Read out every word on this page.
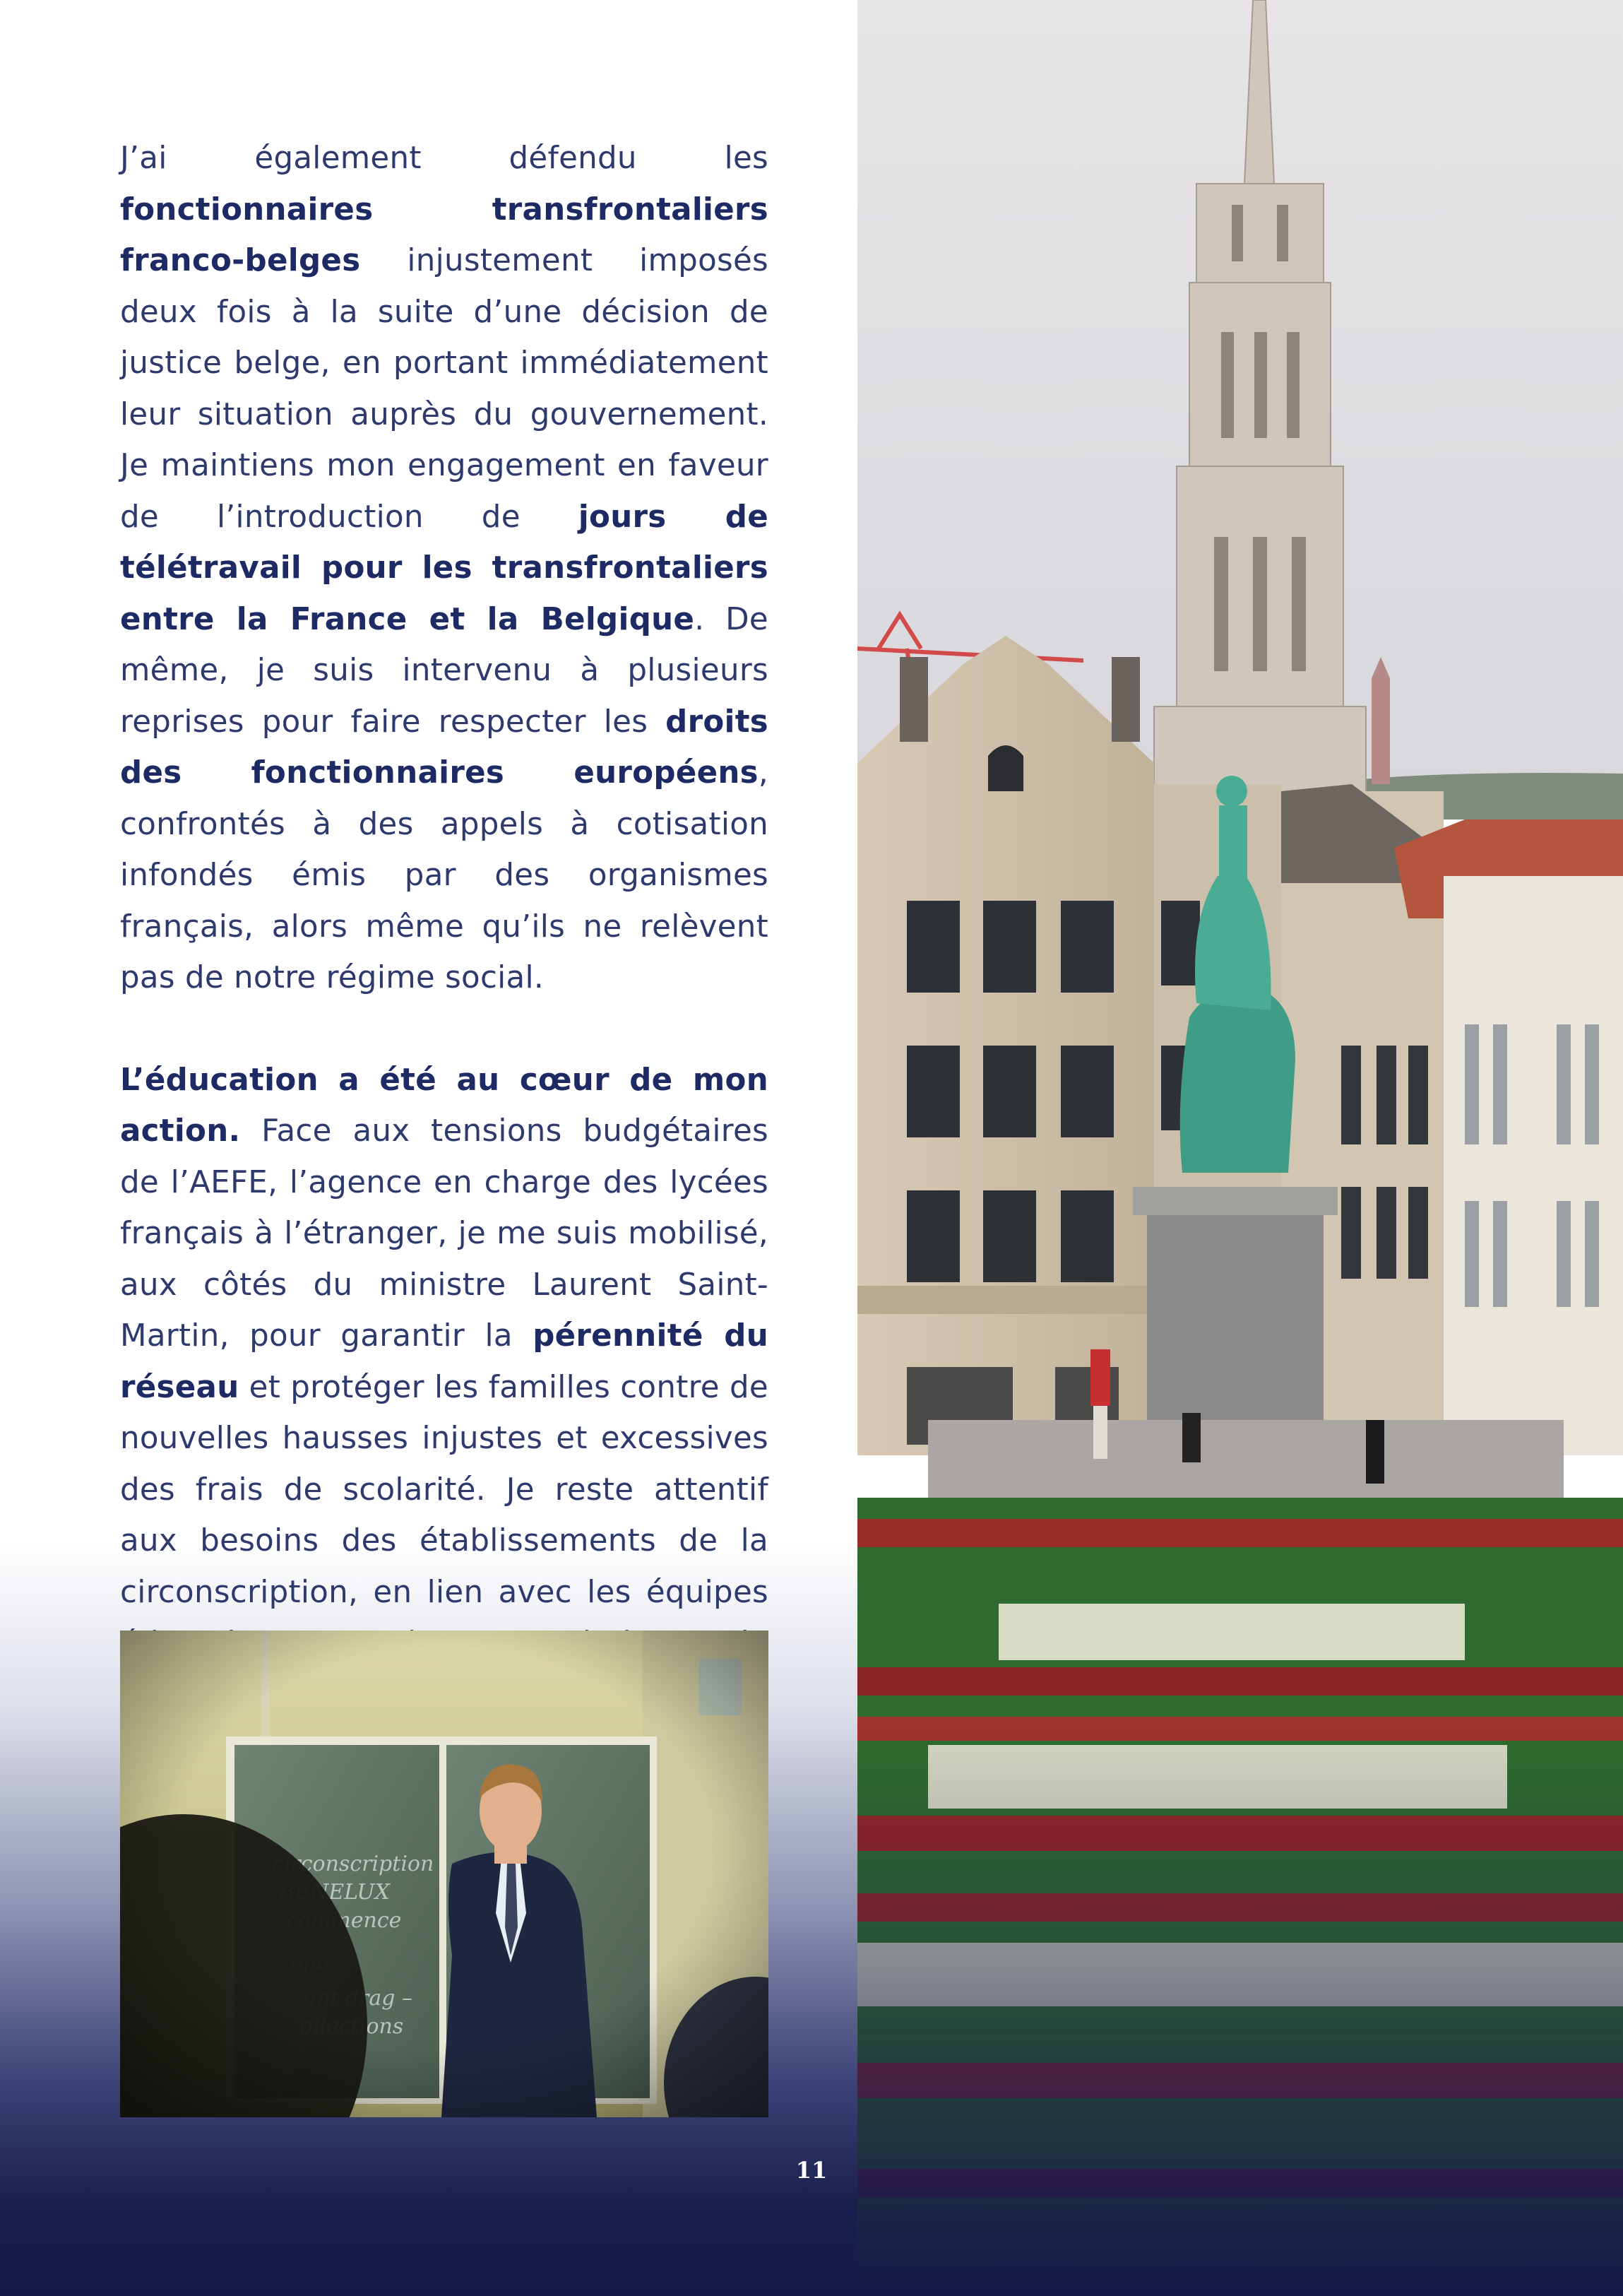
J’ai également défendu les fonctionnaires transfrontaliers franco-belges injustement imposés deux fois à la suite d’une décision de justice belge, en portant immédiatement leur situation auprès du gouvernement. Je maintiens mon engagement en faveur de l’introduction de jours de télétravail pour les transfrontaliers entre la France et la Belgique. De même, je suis intervenu à plusieurs reprises pour faire respecter les droits des fonctionnaires européens, confrontés à des appels à cotisation infondés émis par des organismes français, alors même qu’ils ne relèvent pas de notre régime social.

L’éducation a été au cœur de mon action. Face aux tensions budgétaires de l’AEFE, l’agence en charge des lycées français à l’étranger, je me suis mobilisé, aux côtés du ministre Laurent Saint-Martin, pour garantir la pérennité du réseau et protéger les familles contre de nouvelles hausses injustes et excessives des frais de scolarité. Je reste attentif aux besoins des établissements de la circonscription, en lien avec les équipes

11
